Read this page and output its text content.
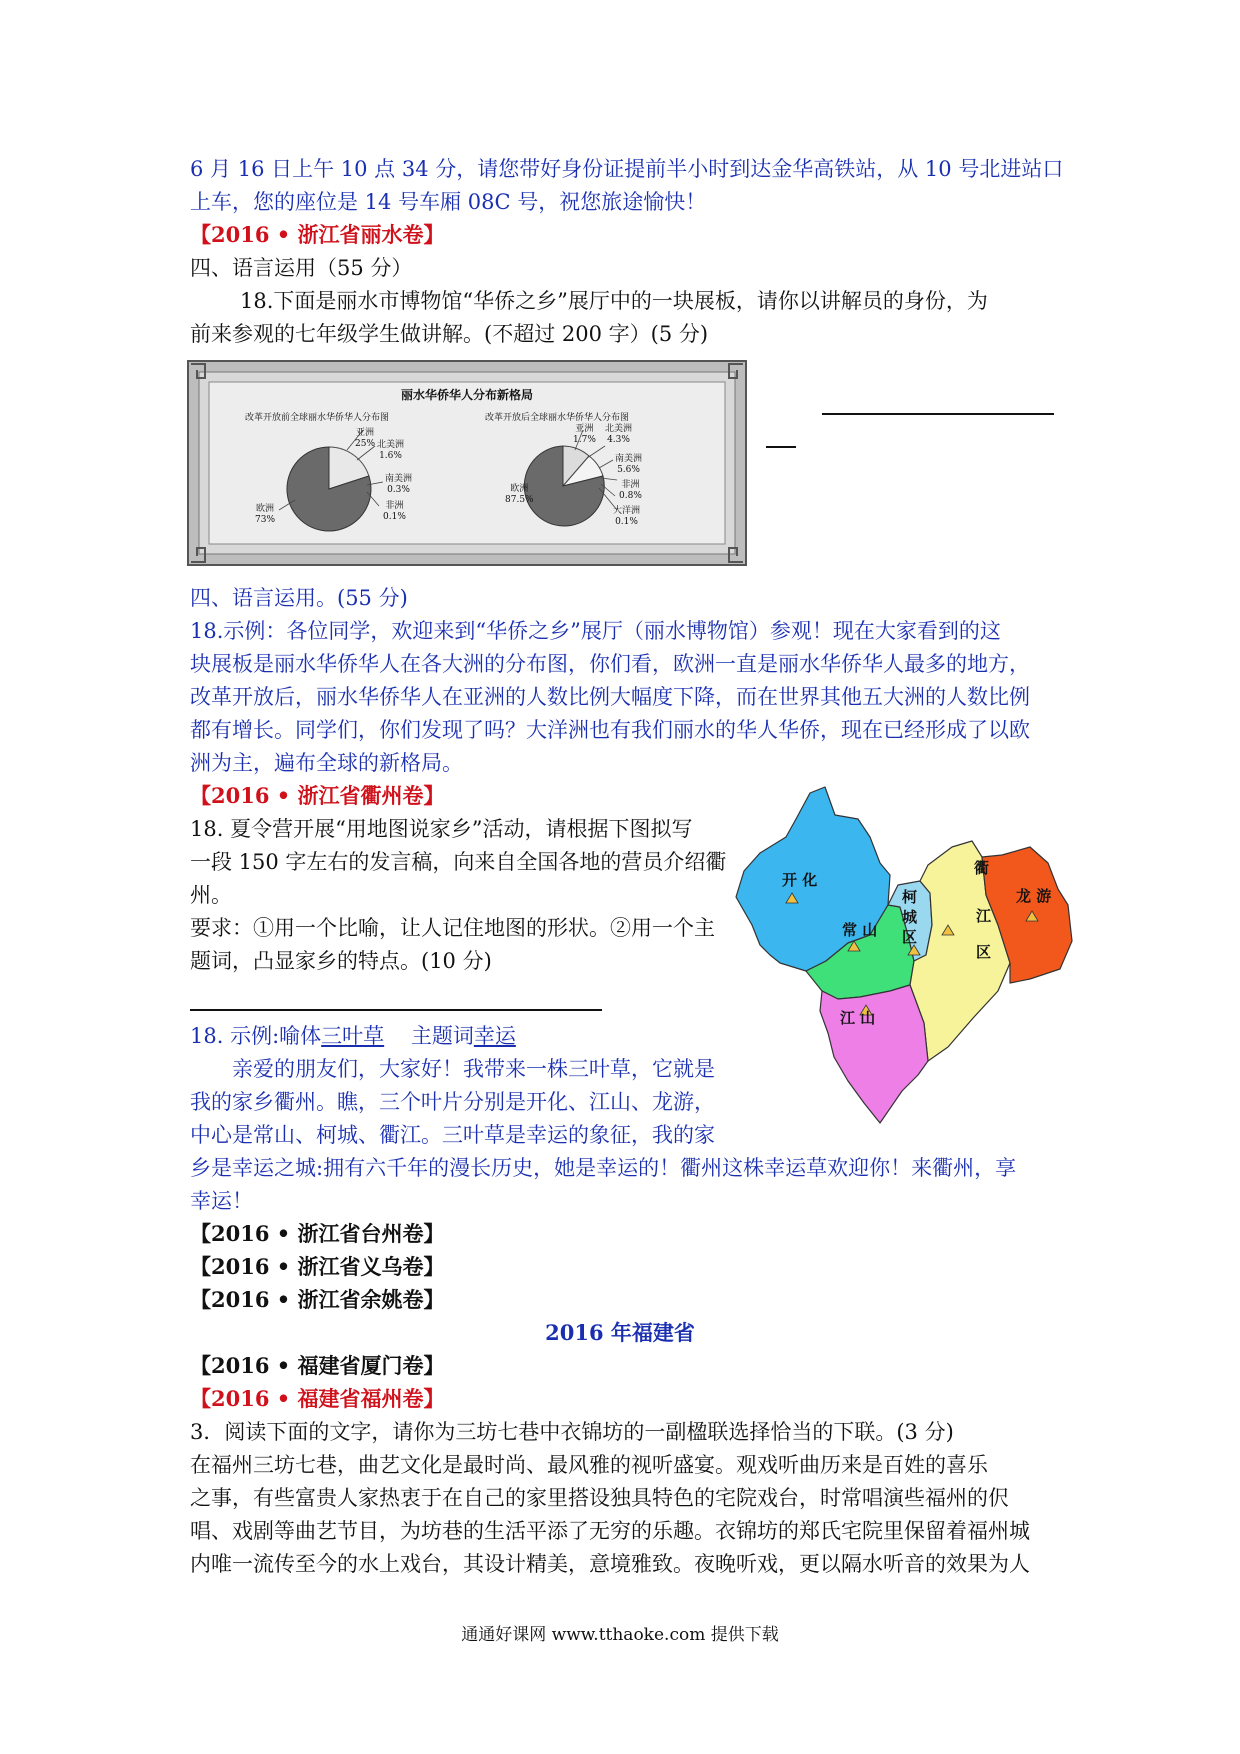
6 月 16 日上午 10 点 34 分，请您带好身份证提前半小时到达金华高铁站，从 10 号北进站口
上车，您的座位是 14 号车厢 08C 号，祝您旅途愉快！
【2016 • 浙江省丽水卷】
四、语言运用（55 分）
18.下面是丽水市博物馆“华侨之乡”展厅中的一块展板，请你以讲解员的身份，为
前来参观的七年级学生做讲解。(不超过 200 字）(5 分)
丽水华侨华人分布新格局
改革开放前全球丽水华侨华人分布图	改革开放后全球丽水华侨华人分布图
亚洲
25% 北美洲
1.6%
南美洲
0.3%
非洲
0.1%
欧洲
73%
亚洲
1.7%
北美洲
4.3%
南美洲
5.6%
非洲
0.8%
大洋洲
0.1%
欧洲
87.5%
四、语言运用。(55 分)
18.示例：各位同学，欢迎来到“华侨之乡”展厅（丽水博物馆）参观！现在大家看到的这
块展板是丽水华侨华人在各大洲的分布图，你们看，欧洲一直是丽水华侨华人最多的地方，
改革开放后，丽水华侨华人在亚洲的人数比例大幅度下降，而在世界其他五大洲的人数比例
都有增长。同学们，你们发现了吗？大洋洲也有我们丽水的华人华侨，现在已经形成了以欧
洲为主，遍布全球的新格局。
【2016 • 浙江省衢州卷】
18. 夏令营开展“用地图说家乡”活动，请根据下图拟写
一段 150 字左右的发言稿，向来自全国各地的营员介绍衢
州。
要求：①用一个比喻，让人记住地图的形状。②用一个主
题词，凸显家乡的特点。(10 分)
18. 示例:喻体三叶草    主题词幸运
亲爱的朋友们，大家好！我带来一株三叶草，它就是
我的家乡衢州。瞧，三个叶片分别是开化、江山、龙游，
中心是常山、柯城、衢江。三叶草是幸运的象征，我的家
乡是幸运之城:拥有六千年的漫长历史，她是幸运的！衢州这株幸运草欢迎你！来衢州，享
幸运！
开 化
常 山
柯
城
区
衢
江
区
龙 游
江 山
【2016 • 浙江省台州卷】
【2016 • 浙江省义乌卷】
【2016 • 浙江省余姚卷】
2016 年福建省
【2016 • 福建省厦门卷】
【2016 • 福建省福州卷】
3．阅读下面的文字，请你为三坊七巷中衣锦坊的一副楹联选择恰当的下联。(3 分)
在福州三坊七巷，曲艺文化是最时尚、最风雅的视听盛宴。观戏听曲历来是百姓的喜乐
之事，有些富贵人家热衷于在自己的家里搭设独具特色的宅院戏台，时常唱演些福州的伬
唱、戏剧等曲艺节目，为坊巷的生活平添了无穷的乐趣。衣锦坊的郑氏宅院里保留着福州城
内唯一流传至今的水上戏台，其设计精美，意境雅致。夜晚听戏，更以隔水听音的效果为人
通通好课网 www.tthaoke.com 提供下载
